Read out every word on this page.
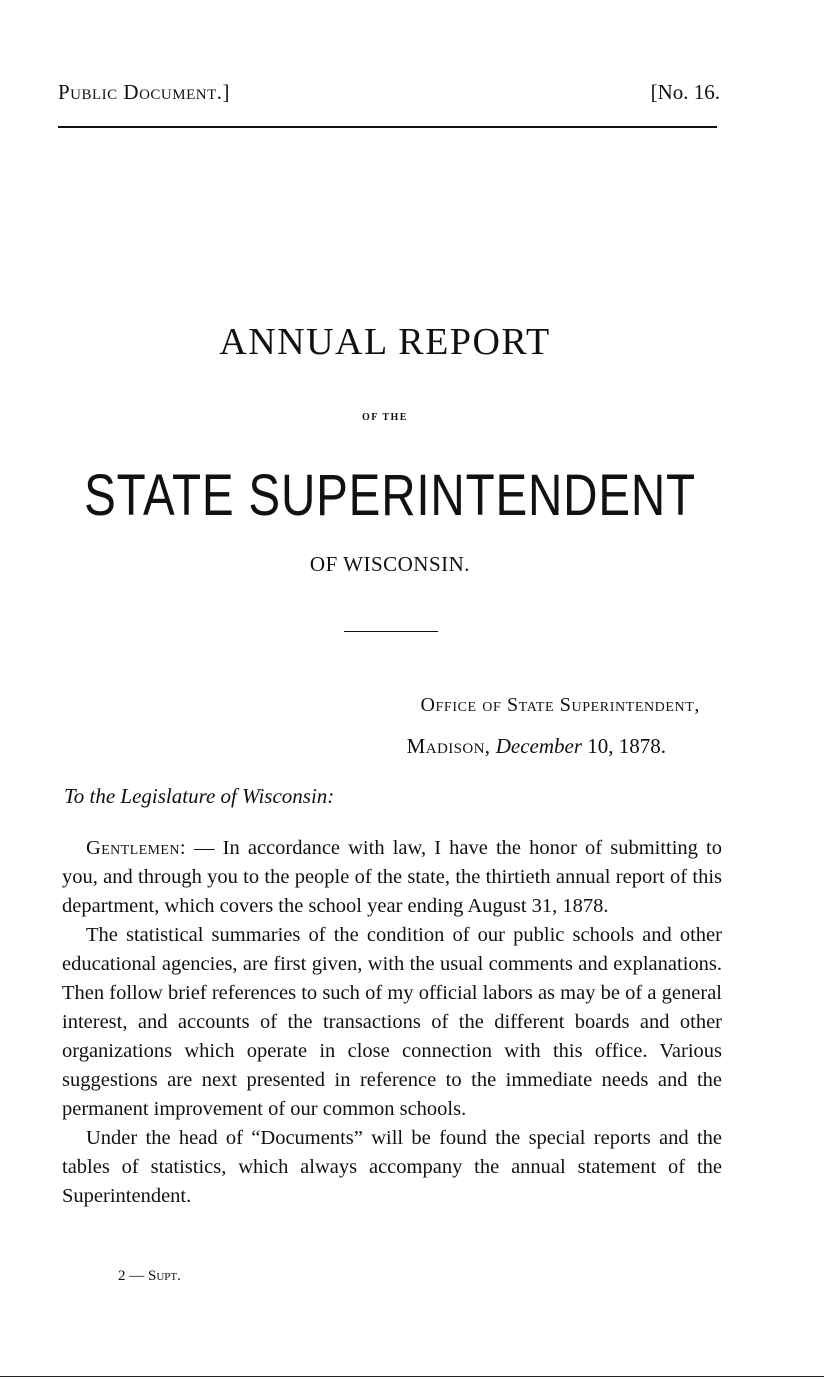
Public Document.]	[No. 16.
ANNUAL REPORT
OF THE
STATE SUPERINTENDENT
OF WISCONSIN.
Office of State Superintendent,
Madison, December 10, 1878.
To the Legislature of Wisconsin:

Gentlemen: — In accordance with law, I have the honor of submitting to you, and through you to the people of the state, the thirtieth annual report of this department, which covers the school year ending August 31, 1878.

The statistical summaries of the condition of our public schools and other educational agencies, are first given, with the usual comments and explanations. Then follow brief references to such of my official labors as may be of a general interest, and accounts of the transactions of the different boards and other organizations which operate in close connection with this office. Various suggestions are next presented in reference to the immediate needs and the permanent improvement of our common schools.

Under the head of “Documents” will be found the special reports and the tables of statistics, which always accompany the annual statement of the Superintendent.

2 — Supt.
